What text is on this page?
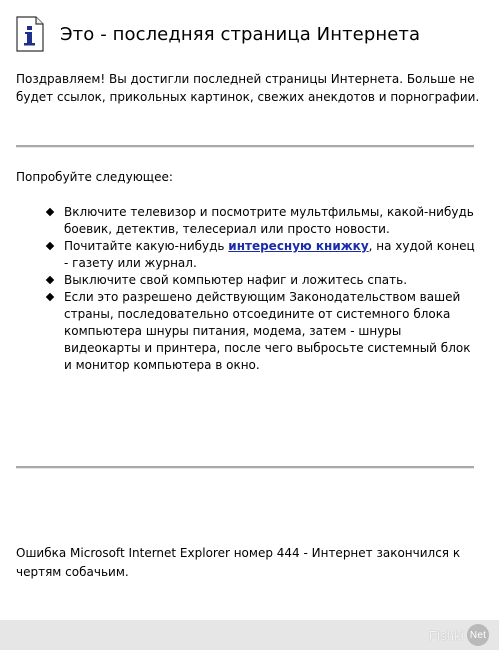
Это - последняя страница Интернета
Поздравляем! Вы достигли последней страницы Интернета. Больше не будет ссылок, прикольных картинок, свежих анекдотов и порнографии.
Попробуйте следующее:
Включите телевизор и посмотрите мультфильмы, какой-нибудь боевик, детектив, телесериал или просто новости.
Почитайте какую-нибудь интересную книжку, на худой конец - газету или журнал.
Выключите свой компьютер нафиг и ложитесь спать.
Если это разрешено действующим Законодательством вашей страны, последовательно отсоедините от системного блока компьютера шнуры питания, модема, затем - шнуры видеокарты и принтера, после чего выбросьте системный блок и монитор компьютера в окно.
Ошибка Microsoft Internet Explorer номер 444 - Интернет закончился к чертям собачьим.
Fishki Net
